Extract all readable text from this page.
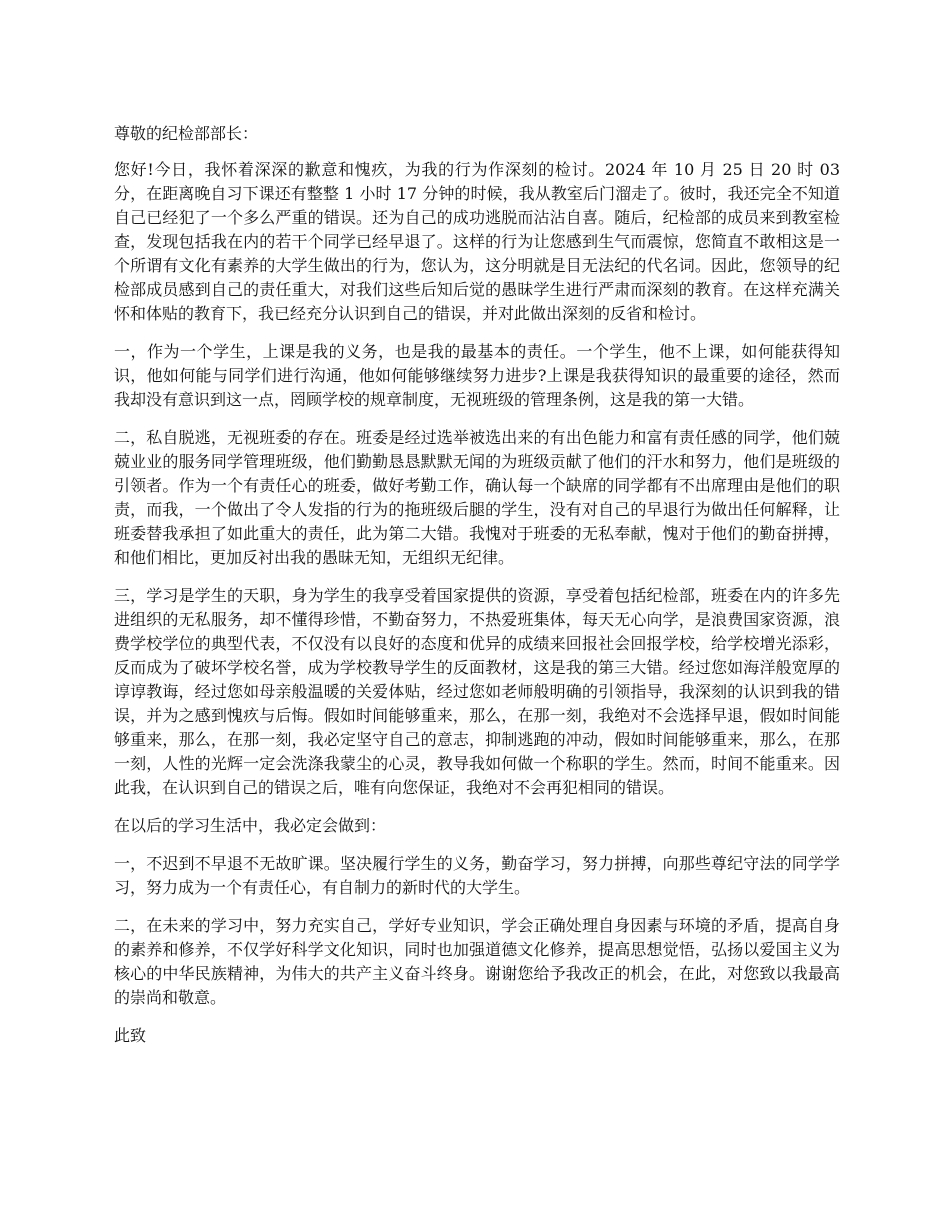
尊敬的纪检部部长：

您好!今日，我怀着深深的歉意和愧疚，为我的行为作深刻的检讨。2024 年 10 月 25 日 20 时 03 分，在距离晚自习下课还有整整 1 小时 17 分钟的时候，我从教室后门溜走了。彼时，我还完全不知道自己已经犯了一个多么严重的错误。还为自己的成功逃脱而沾沾自喜。随后，纪检部的成员来到教室检查，发现包括我在内的若干个同学已经早退了。这样的行为让您感到生气而震惊，您简直不敢相这是一个所谓有文化有素养的大学生做出的行为，您认为，这分明就是目无法纪的代名词。因此，您领导的纪检部成员感到自己的责任重大，对我们这些后知后觉的愚昧学生进行严肃而深刻的教育。在这样充满关怀和体贴的教育下，我已经充分认识到自己的错误，并对此做出深刻的反省和检讨。

一，作为一个学生，上课是我的义务，也是我的最基本的责任。一个学生，他不上课，如何能获得知识，他如何能与同学们进行沟通，他如何能够继续努力进步?上课是我获得知识的最重要的途径，然而我却没有意识到这一点，罔顾学校的规章制度，无视班级的管理条例，这是我的第一大错。

二，私自脱逃，无视班委的存在。班委是经过选举被选出来的有出色能力和富有责任感的同学，他们兢兢业业的服务同学管理班级，他们勤勤恳恳默默无闻的为班级贡献了他们的汗水和努力，他们是班级的引领者。作为一个有责任心的班委，做好考勤工作，确认每一个缺席的同学都有不出席理由是他们的职责，而我，一个做出了令人发指的行为的拖班级后腿的学生，没有对自己的早退行为做出任何解释，让班委替我承担了如此重大的责任，此为第二大错。我愧对于班委的无私奉献，愧对于他们的勤奋拼搏，和他们相比，更加反衬出我的愚昧无知，无组织无纪律。

三，学习是学生的天职，身为学生的我享受着国家提供的资源，享受着包括纪检部，班委在内的许多先进组织的无私服务，却不懂得珍惜，不勤奋努力，不热爱班集体，每天无心向学，是浪费国家资源，浪费学校学位的典型代表，不仅没有以良好的态度和优异的成绩来回报社会回报学校，给学校增光添彩，反而成为了破坏学校名誉，成为学校教导学生的反面教材，这是我的第三大错。经过您如海洋般宽厚的谆谆教诲，经过您如母亲般温暖的关爱体贴，经过您如老师般明确的引领指导，我深刻的认识到我的错误，并为之感到愧疚与后悔。假如时间能够重来，那么，在那一刻，我绝对不会选择早退，假如时间能够重来，那么，在那一刻，我必定坚守自己的意志，抑制逃跑的冲动，假如时间能够重来，那么，在那一刻，人性的光辉一定会洗涤我蒙尘的心灵，教导我如何做一个称职的学生。然而，时间不能重来。因此我，在认识到自己的错误之后，唯有向您保证，我绝对不会再犯相同的错误。

在以后的学习生活中，我必定会做到：

一，不迟到不早退不无故旷课。坚决履行学生的义务，勤奋学习，努力拼搏，向那些尊纪守法的同学学习，努力成为一个有责任心，有自制力的新时代的大学生。

二，在未来的学习中，努力充实自己，学好专业知识，学会正确处理自身因素与环境的矛盾，提高自身的素养和修养，不仅学好科学文化知识，同时也加强道德文化修养，提高思想觉悟，弘扬以爱国主义为核心的中华民族精神，为伟大的共产主义奋斗终身。谢谢您给予我改正的机会，在此，对您致以我最高的崇尚和敬意。

此致
